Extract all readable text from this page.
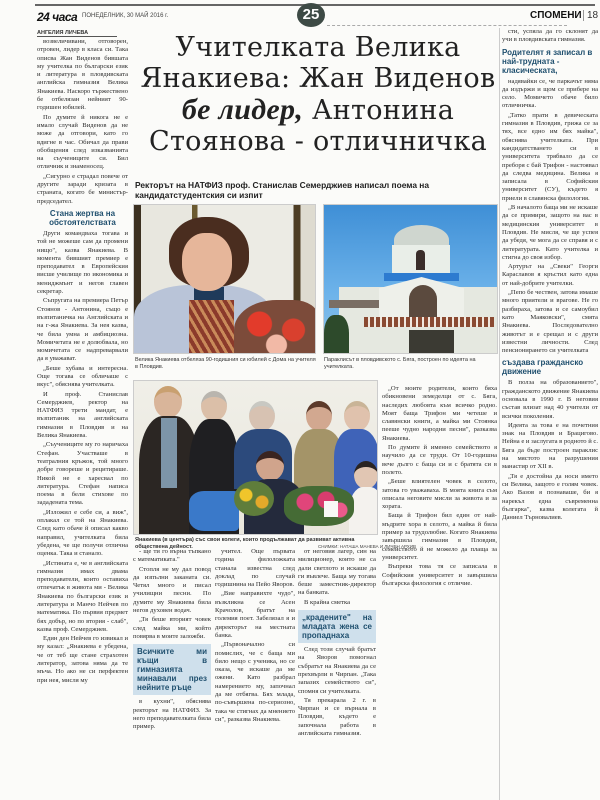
24 часа ПОНЕДЕЛНИК, 30 МАЙ 2016 г.	25	СПОМЕНИ 18
АНГЕЛИЯ ЛИЧЕВА

возвеличивани, отговорен, отровен, лидер в класа си. Така описва Жан Виденов бившата му учителка по български език и литература в пловдивската английска гимназия Велика Янакиева. Наскоро тържествено бе отбелязан нейният 90-годишен юбилей.

По думите й никога не е имало случай Виденов да не може да отговори, като го вдигне в час. Обичал да прави обобщения след изказванията на съучениците си. Бил отличник и знаменосец.

„Сигурно е страдал повече от другите заради кризата в страната, когато бе министър-председател.

Стана жертва на обстоятелствата

Други командваха тогава и той не можеше сам да промени нищо", казва Янакиева. В момента бившият премиер е преподавател в Европейския висше училище по икономика и мениджмънт и негов главен секретар.

Съпругата на премиера Петър Стоянов - Антонина, също е възпитаничка на Английската и на г-жа Янакиева. За нея казва, че била умна и амбициозна. Момичетата не е долюбвала, но момичетата се надпреварвали да я уважават.

„Беше хубава и интересна. Още тогава се обличаше с вкус", обяснява учителката.

И проф. Станислав Семерджиев, ректор на НАТФИЗ трети мандат, е възпитаник на английската гимназия в Пловдив и на Велика Янакиева.

„Съучениците му го наричаха Стефан. Участваше в театралния кръжок, той много добре говореше и рецитираше. Никой не е харесвал по литература. Стефан написа поема в бели стихове по зададената тема.

„Изложил е себе си, а виж", оплакал се той на Янакиева. След като обаче й описал какво направил, учителката била убедена, че ще получи отлична оценка. Така и станало.

„Истината е, че в английската гимназия имах двама преподаватели, които оставиха отпечатък в живота ми - Велика Янакиева по български език и литература и Манчо Нейчев по математика. По първия предмет бях добър, но по втория - слаб", казва проф. Семерджиев.

Един ден Нейчев го извикал и му казал: „Янакиева е убедена, че от теб ще стане страхотен литератор, затова няма да те мъча. Но ако не си перфектен при нея, мисля му

Учителката Велика
Янакиева: Жан Виденов
бе лидер, Антонина
Стоянова - отличничка
Ректорът на НАТФИЗ проф. Станислав Семерджиев написал поема на кандидатстудентския си изпит
Велика Янакиева отбеляза 90-годишния си юбилей с Дома на учителя в Пловдив.
Параклисът в пловдивското с. Бяга, построен по идеята на учителката.
Янакиева (в центъра) със свои колеги, които продължават да развиват активна обществена дейност.	СНИМКИ: НАТАША МАНЕВА И ЛИЧЕН АРХИВ

- ще ти го върна тъпкано с математиката."

Стопля не му дал повод да изпълни заканата си. Четял много и писал училищни песни. По думите му Янакиева била негов духовен водач.

„Тя беше вторият човек след майка ми, който повярва в моите заложби.

Всичките ми къщи в гимназията минавали през нейните ръце

в кухни", обяснява ректорът на НАТФИЗ. За него преподавателката била пример.

учител. Още първата година филоложката станала известна след доклад по случай годишнина на Пейо Яворов.

„Вие направихте чудо", възкликна се Асен Крачолов, братът на големия поет. Забелязал я и директорът на местната банка.

„Първоначално си помислих, че с баща ми било нещо с ученика, но се оказа, че искаше да ме ожени. Като разбрал намерението му, започнал да ме отбягва. Бях млада, по-съвършена по-сериозно, така че стигнах да мнението си", разказва Янакиева.

от неговия лагер, син на милиционер, които не са дали светлото и искаше да ги въвлече. Баща му тогава беше заместник-директор на банката.

В крайна сметка

„крадените" на младата жена се пропаднаха

След този случай братът на Яворов помогнал събратът на Янакиева да се прехвърли в Чирпан. „Така запазих семейството си", спомня си учителката.

Тя прекарала 2 г. в Чирпан и се върнала в Пловдив, където е започнала работа в английската гимназия.

„От моите родители, които бяха обикновени земеделци от с. Бяга, наследих любовта към всичко родно. Моят баща Трифон ми четеше и славянски книги, а майка ми Стоянка пееше чудно народни песни", разказва Янакиева.

По думите й именно семейството я научило да се труди. От 10-годишна вече дълго с баща си и с братята си в полето.

„Беше влиятелен човек в селото, затова го уважаваха. В моята книга съм описала неговите мисли за живота и за хората.

Баща й Трифон бил един от най-мъдрите хора в селото, а майка й била пример за трудолюбие. Когато Янакиева завършила гимназия в Пловдив, семейството й не можело да плаща за университет.

Въпреки това тя се записала в Софийския университет и завършила българска филология с отличие.

сти, успяла да го склонят да учи в пловдивската гимназия.

Родителят я записал в най-трудната - класическата,

надявайки се, че паркачът няма да издържи и щом се прибере на село. Момичето обаче било отличничка.

„Татко прати в девическата гимназия в Пловдив, грижа се за тях, все едно им бях майка", обяснява учителката. При кандидатстването си в университета трябвало да се преборя с бай Трифон - настоявал да следва медицина. Велика я записала в Софийския университет (СУ), където я приели в славянска филология.

„В началото баща ми не искаше да се примири, защото на вас в медицинския университет в Пловдив. Не мисля, че ще успея да убедя, че мога да се справя и с литературата. Като учителка и стигна до своя избор.

Артурът на „Свеки" Георги Караславов я кръстил като една от най-добрите учителки.

„Пепо бе чествен, затова имаше много приятели и врагове. Не го разбираха, затова и се самоубил като Маяковски", смята Янакиева. Последователно животът и е срещал и с други известни личности. След пенсионирането си учителката

създава гражданско движение

В полза на образованието", гражданското движение Янакиева основала в 1990 г. В неговия състав влизат над 40 учители от всички поколения.

Идеята за това е на почетния знак на Пловдив и Брацигово. Нейна е и заслугата в родното й с. Бяга да бъде построен параклис на мястото на разрушения манастир от XII в.

„Тя е достойна да носи името си Велика, защото е голям човек. Ако Вазов я познаваше, би я нарекъл една съвременна българка", казва колегата й Даниел Търновалиев.
